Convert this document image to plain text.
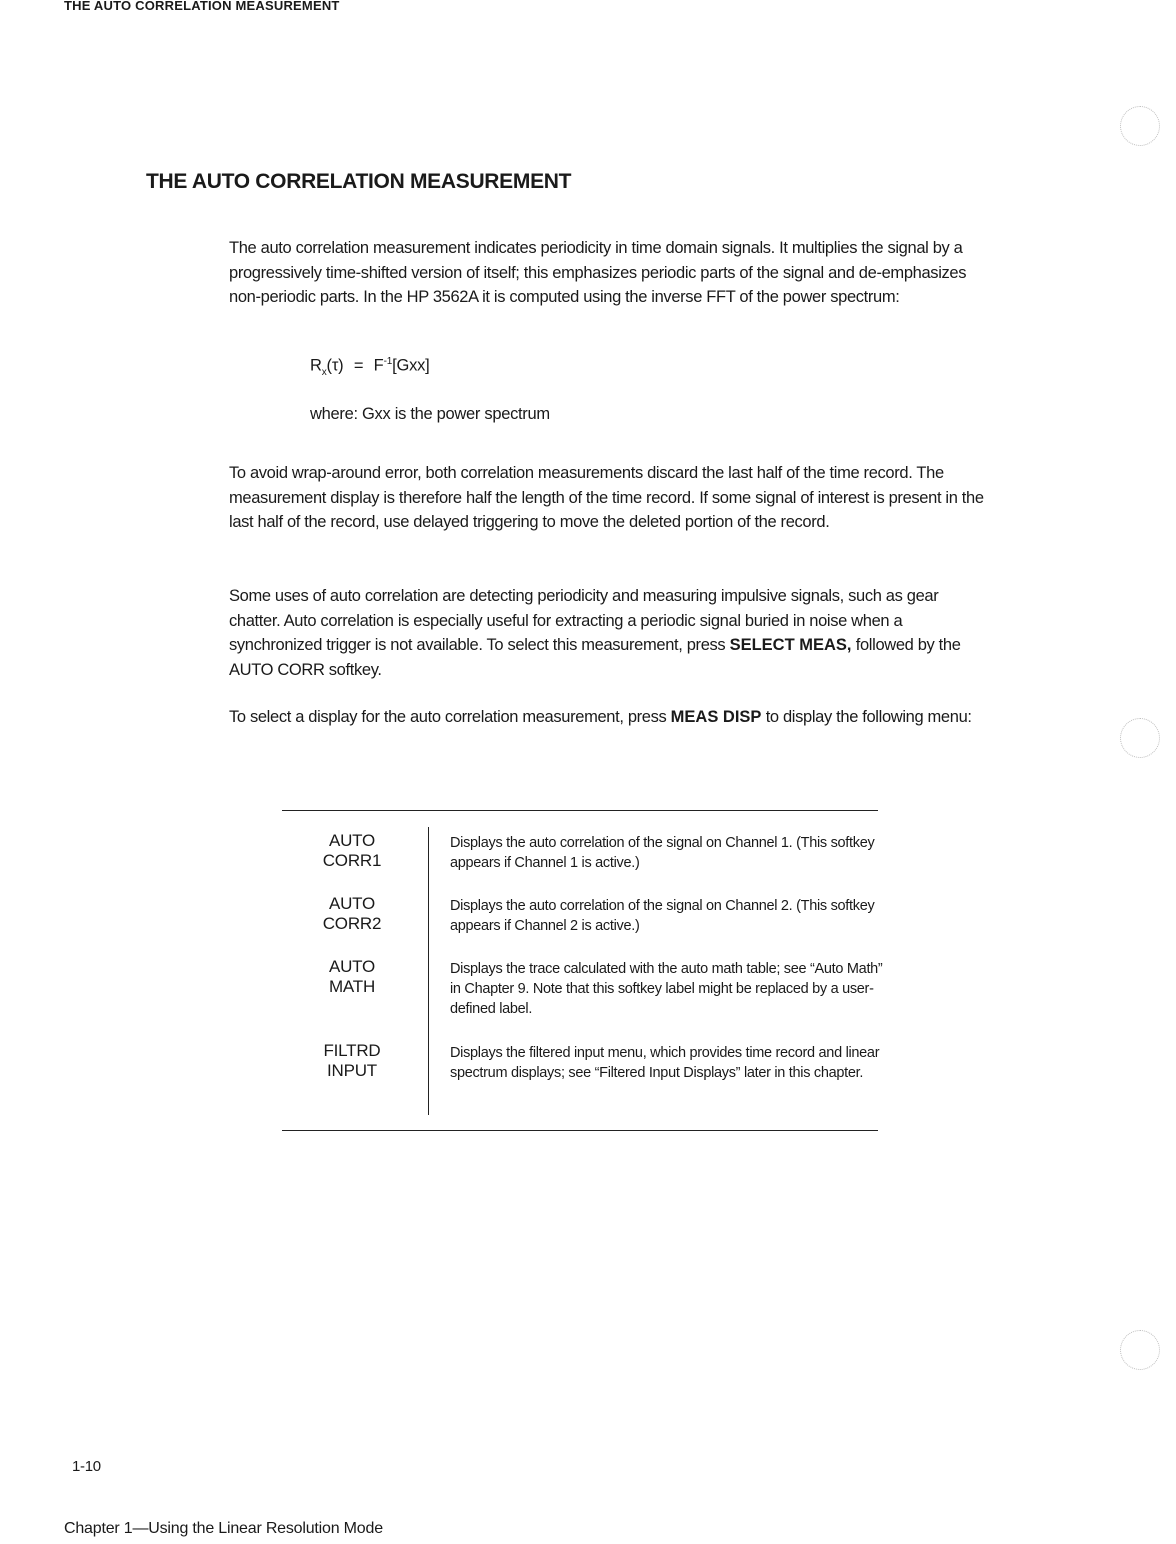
THE AUTO CORRELATION MEASUREMENT
THE AUTO CORRELATION MEASUREMENT

The auto correlation measurement indicates periodicity in time domain signals. It multiplies the signal by a progressively time-shifted version of itself; this emphasizes periodic parts of the signal and de-emphasizes non-periodic parts. In the HP 3562A it is computed using the inverse FFT of the power spectrum:

$R_x(\tau) = F^{-1}[Gxx]$
where: Gxx is the power spectrum

To avoid wrap-around error, both correlation measurements discard the last half of the time record. The measurement display is therefore half the length of the time record. If some signal of interest is present in the last half of the record, use delayed triggering to move the deleted portion of the record.

Some uses of auto correlation are detecting periodicity and measuring impulsive signals, such as gear chatter. Auto correlation is especially useful for extracting a periodic signal buried in noise when a synchronized trigger is not available. To select this measurement, press SELECT MEAS, followed by the AUTO CORR softkey.

To select a display for the auto correlation measurement, press MEAS DISP to display the following menu:

AUTO
CORR1
Displays the auto correlation of the signal on Channel 1. (This softkey appears if Channel 1 is active.)
AUTO
CORR2
Displays the auto correlation of the signal on Channel 2. (This softkey appears if Channel 2 is active.)
AUTO
MATH
Displays the trace calculated with the auto math table; see “Auto Math” in Chapter 9. Note that this softkey label might be replaced by a user-defined label.
FILTRD
INPUT
Displays the filtered input menu, which provides time record and linear spectrum displays; see “Filtered Input Displays” later in this chapter.
1-10
Chapter 1—Using the Linear Resolution Mode
